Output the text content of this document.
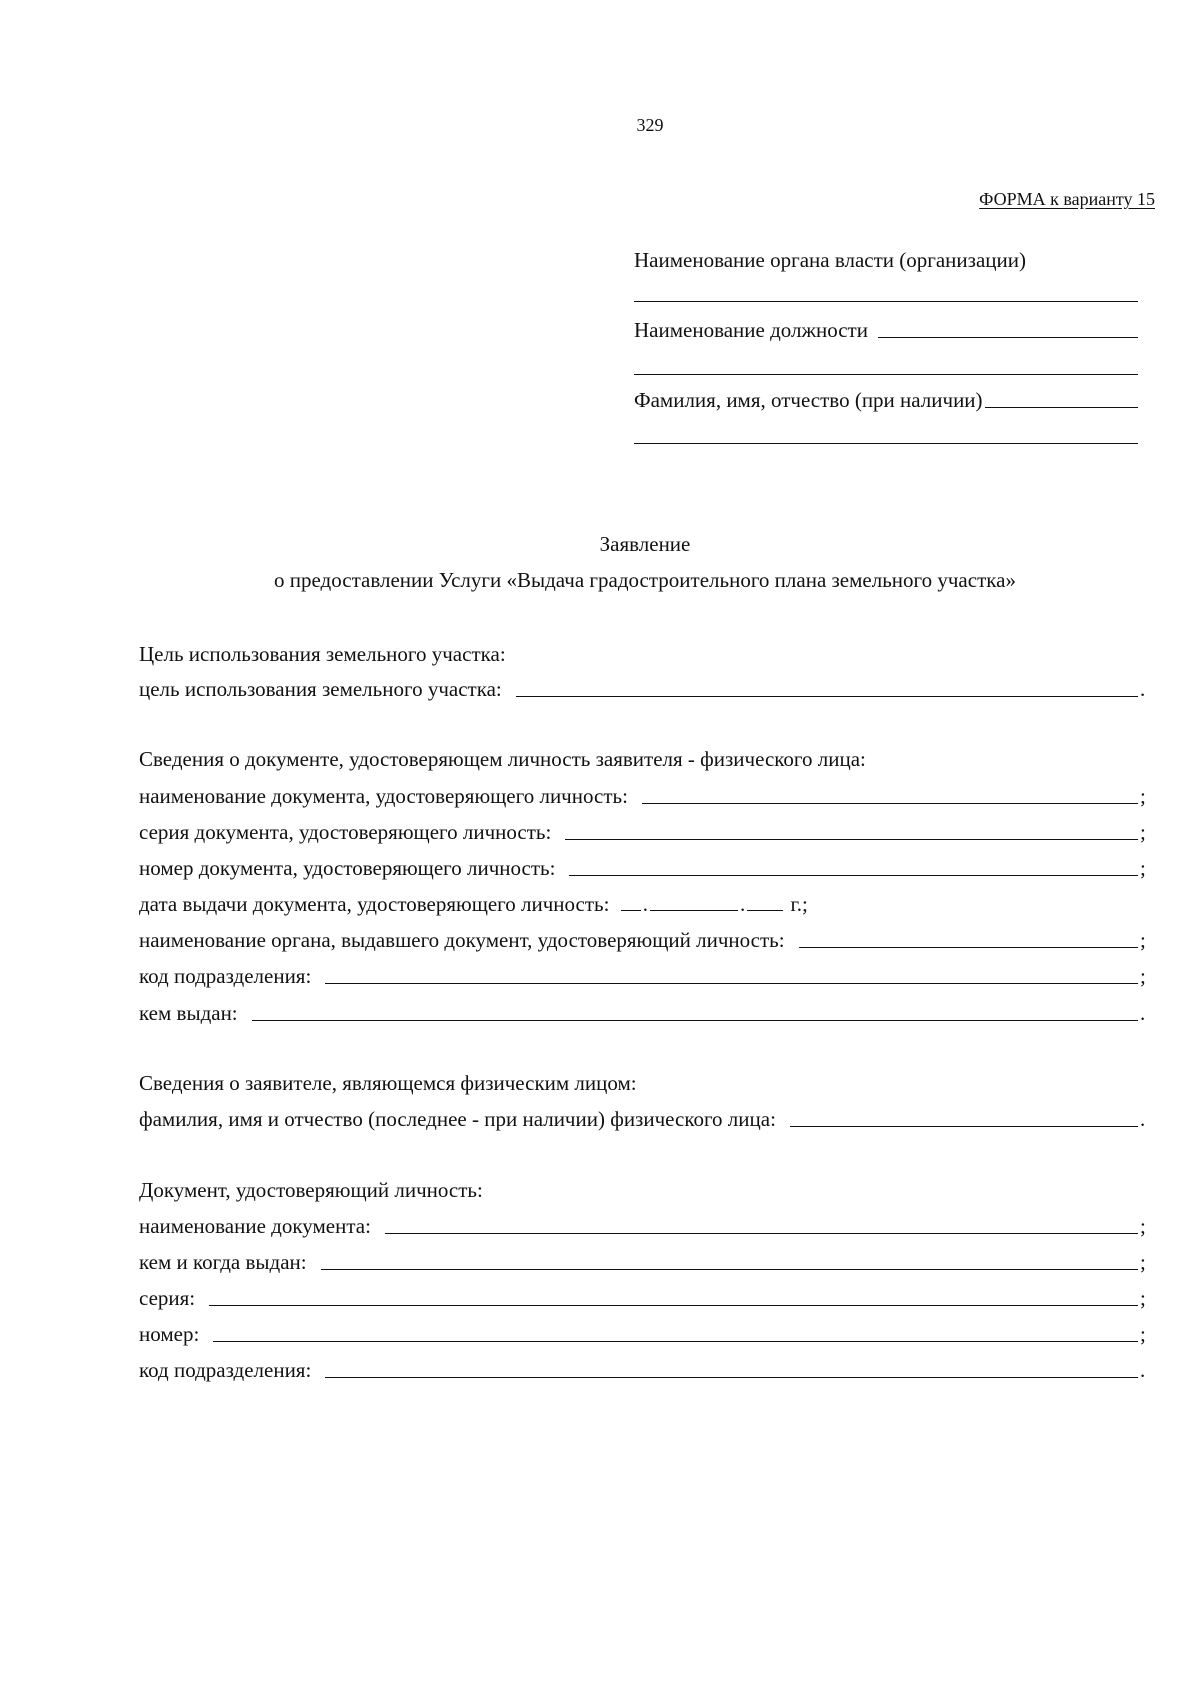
329
ФОРМА к варианту 15
Наименование органа власти (организации)
Наименование должности
Фамилия, имя, отчество (при наличии)
Заявление
о предоставлении Услуги «Выдача градостроительного плана земельного участка»
Цель использования земельного участка:
цель использования земельного участка:	.
Сведения о документе, удостоверяющем личность заявителя - физического лица:
наименование документа, удостоверяющего личность:	;
серия документа, удостоверяющего личность:	;
номер документа, удостоверяющего личность:	;
дата выдачи документа, удостоверяющего личность: .	. г.;
наименование органа, выдавшего документ, удостоверяющий личность:	;
код подразделения:	;
кем выдан:	.
Сведения о заявителе, являющемся физическим лицом:
фамилия, имя и отчество (последнее - при наличии) физического лица:	.
Документ, удостоверяющий личность:
наименование документа:	;
кем и когда выдан:	;
серия:	;
номер:	;
код подразделения:	.
